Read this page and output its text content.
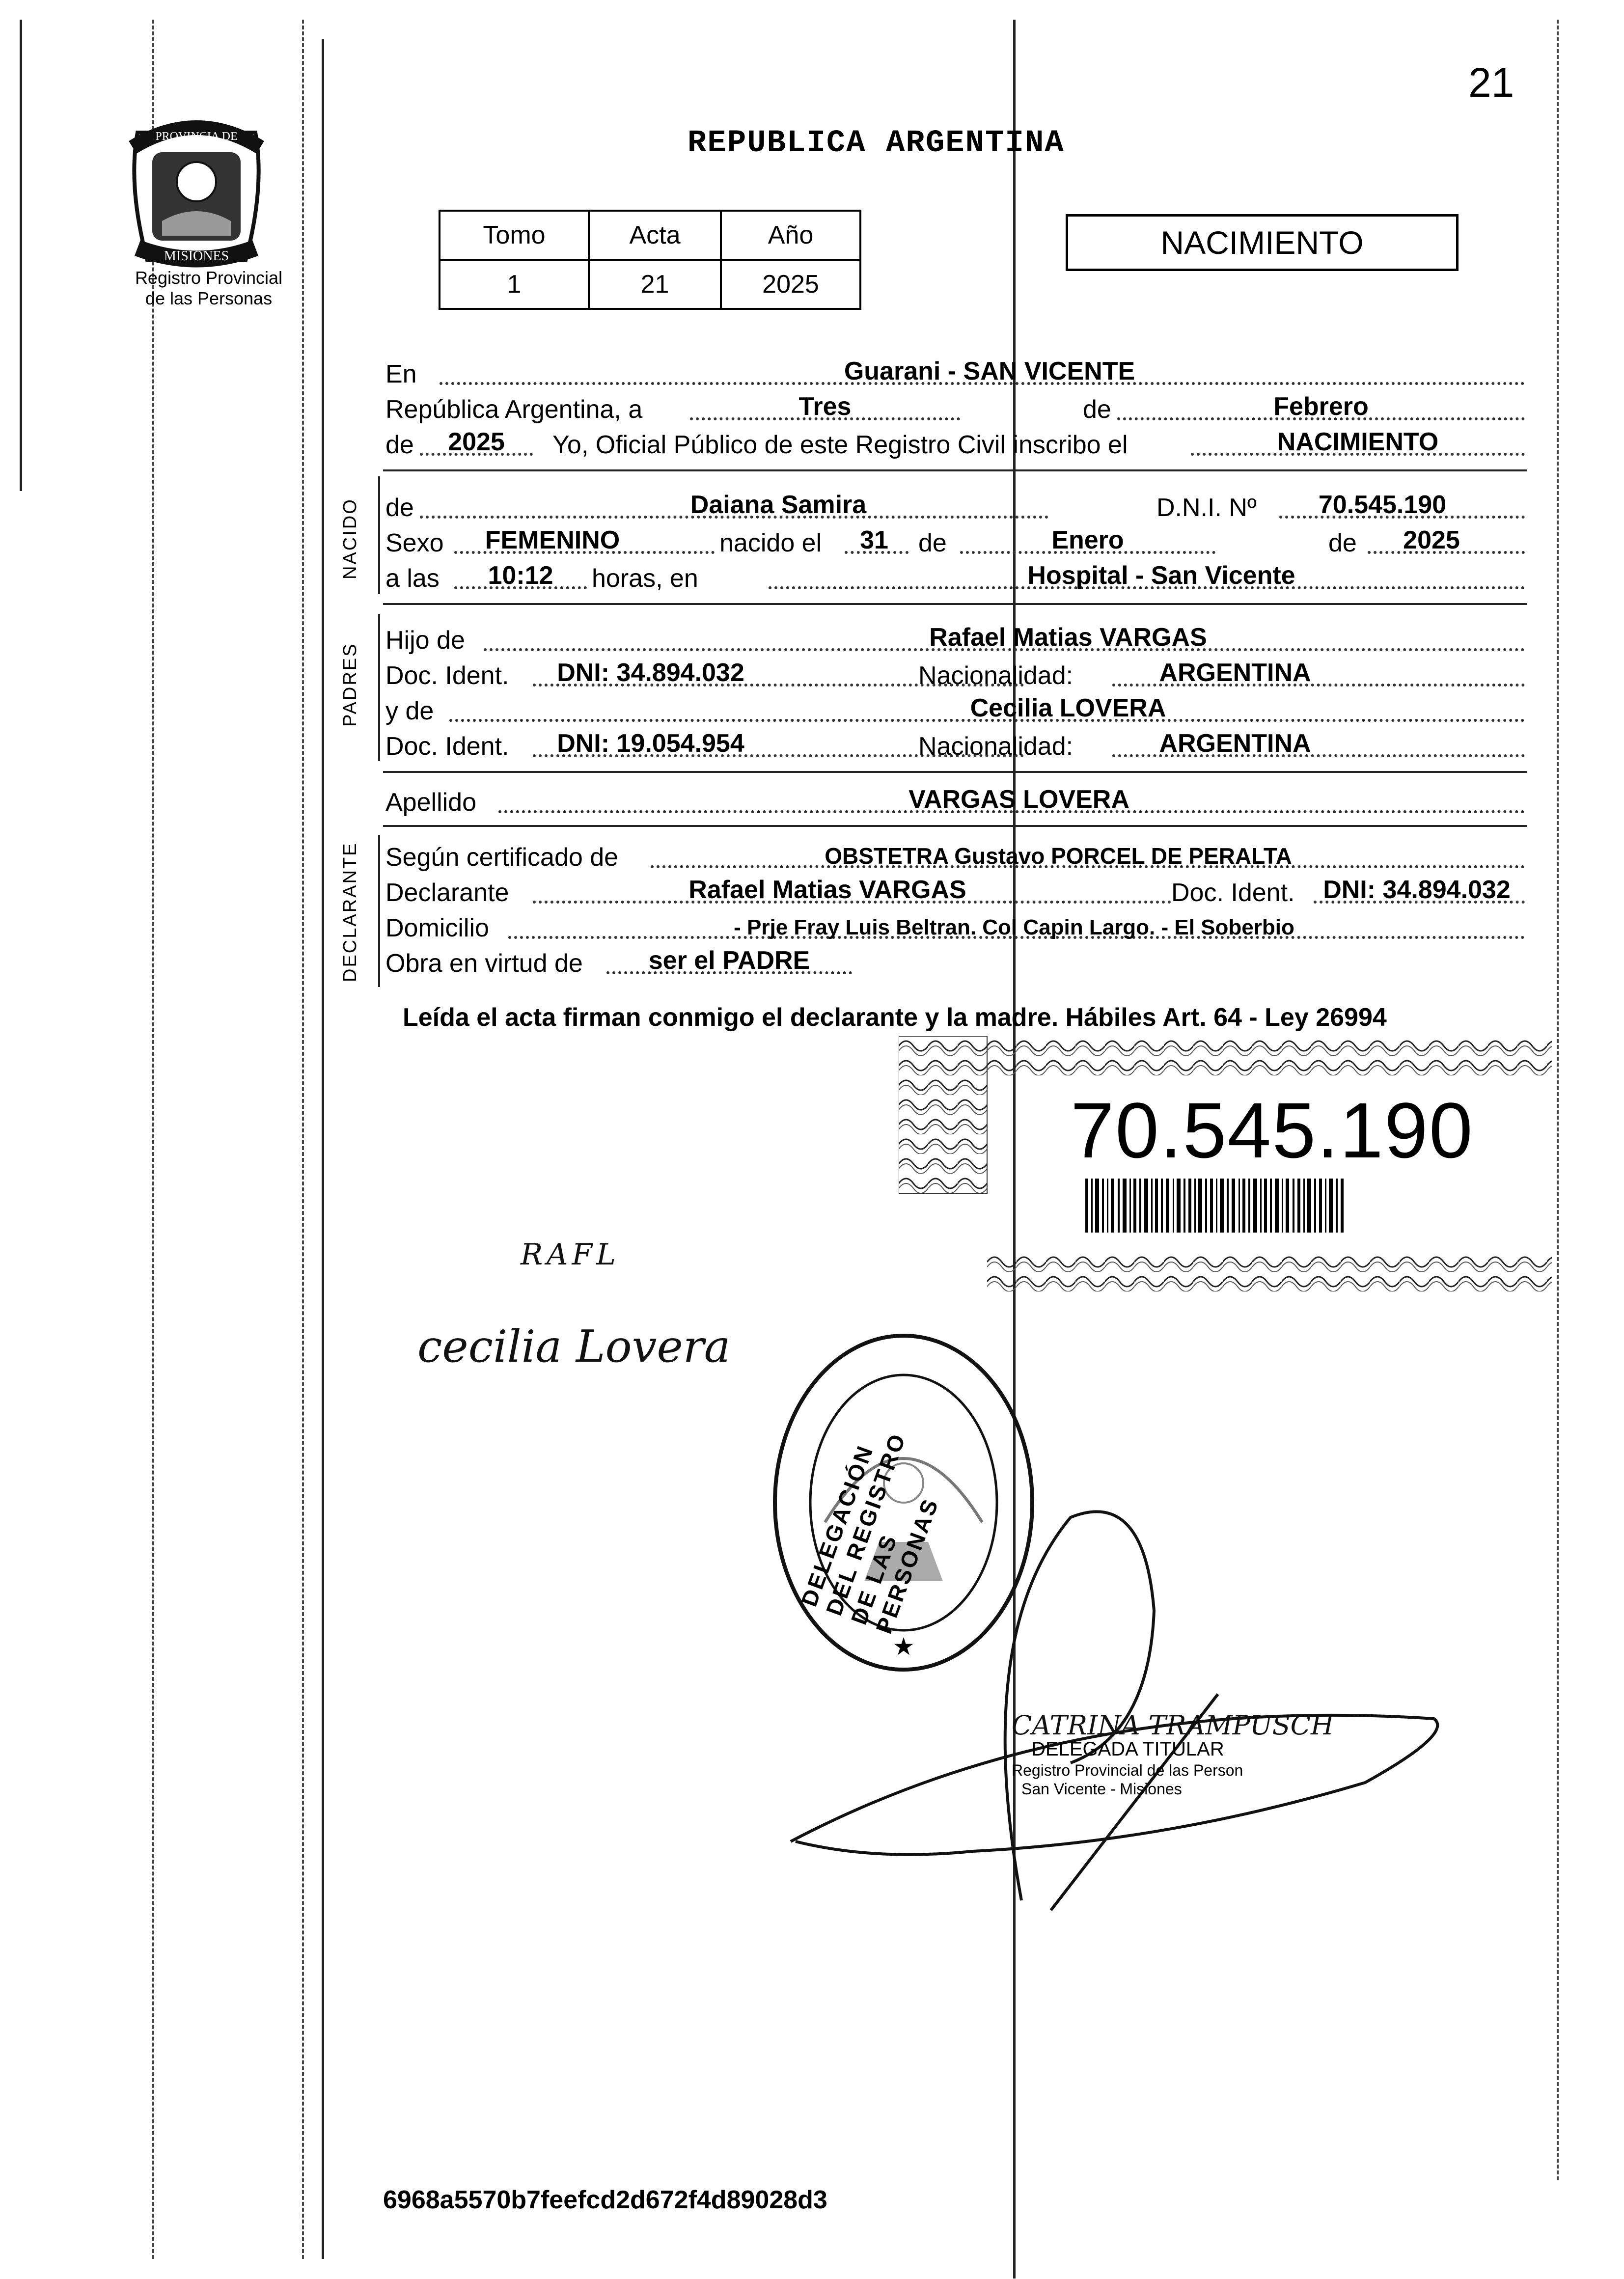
21
PROVINCIA DE
MISIONES
Registro Provincial
de las Personas
REPUBLICA ARGENTINA
Tomo	Acta	Año
1	21	2025
NACIMIENTO
En	Guarani - SAN VICENTE
República Argentina, a	Tres	de	Febrero
de	2025	Yo, Oficial Público de este Registro Civil inscribo el	NACIMIENTO
NACIDO de	Daiana Samira	D.N.I. Nº	70.545.190
Sexo	FEMENINO	nacido el	31	de	Enero	de	2025
a las	10:12	horas, en	Hospital - San Vicente
PADRES
Hijo de	Rafael Matias VARGAS
Doc. Ident.	DNI: 34.894.032	Nacionalidad:	ARGENTINA
y de	Cecilia LOVERA
Doc. Ident.	DNI: 19.054.954	Nacionalidad:	ARGENTINA
Apellido	VARGAS LOVERA
DECLARANTE Según certificado de	OBSTETRA Gustavo PORCEL DE PERALTA
Declarante	Rafael Matias VARGAS	Doc. Ident.	DNI: 34.894.032
Domicilio	- Prje Fray Luis Beltran. Col Capin Largo. - El Soberbio
Obra en virtud de	ser el PADRE
Leída el acta firman conmigo el declarante y la madre. Hábiles Art. 64 - Ley 26994
70.545.190
RAFL
cecilia Lovera
★
DELEGACIÓN DEL REGISTRO DE LAS PERSONAS
CATRINA TRAMPUSCH
DELEGADA TITULAR
Registro Provincial de las Person
San Vicente - Misiones
6968a5570b7feefcd2d672f4d89028d3
